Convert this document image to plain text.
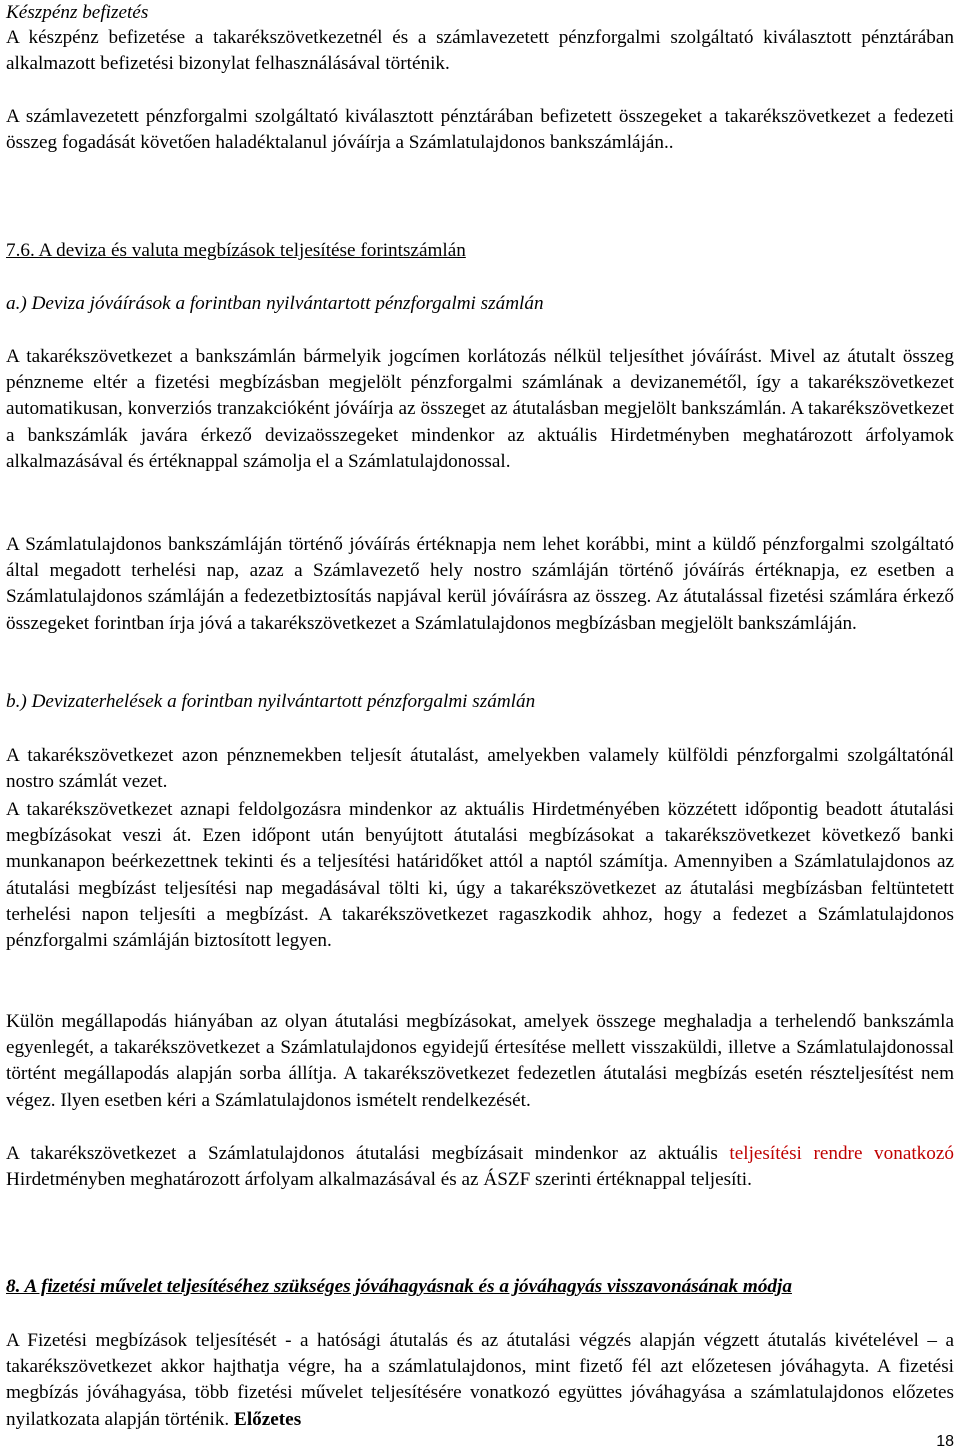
Készpénz befizetés

A készpénz befizetése a takarékszövetkezetnél és a számlavezetett pénzforgalmi szolgáltató kiválasztott pénztárában alkalmazott befizetési bizonylat felhasználásával történik.

A számlavezetett pénzforgalmi szolgáltató kiválasztott pénztárában befizetett összegeket a takarékszövetkezet a fedezeti összeg fogadását követően haladéktalanul jóváírja a Számlatulajdonos bankszámláján..

7.6. A deviza és valuta megbízások teljesítése forintszámlán

a.) Deviza jóváírások a forintban nyilvántartott pénzforgalmi számlán

A takarékszövetkezet a bankszámlán bármelyik jogcímen korlátozás nélkül teljesíthet jóváírást. Mivel az átutalt összeg pénzneme eltér a fizetési megbízásban megjelölt pénzforgalmi számlának a devizanemétől, így a takarékszövetkezet automatikusan, konverziós tranzakcióként jóváírja az összeget az átutalásban megjelölt bankszámlán. A takarékszövetkezet a bankszámlák javára érkező devizaösszegeket mindenkor az aktuális Hirdetményben meghatározott árfolyamok alkalmazásával és értéknappal számolja el a Számlatulajdonossal.

A Számlatulajdonos bankszámláján történő jóváírás értéknapja nem lehet korábbi, mint a küldő pénzforgalmi szolgáltató által megadott terhelési nap, azaz a Számlavezető hely nostro számláján történő jóváírás értéknapja, ez esetben a Számlatulajdonos számláján a fedezetbiztosítás napjával kerül jóváírásra az összeg. Az átutalással fizetési számlára érkező összegeket forintban írja jóvá a takarékszövetkezet a Számlatulajdonos megbízásban megjelölt bankszámláján.

b.) Devizaterhelések a forintban nyilvántartott pénzforgalmi számlán

A takarékszövetkezet azon pénznemekben teljesít átutalást, amelyekben valamely külföldi pénzforgalmi szolgáltatónál nostro számlát vezet.

A takarékszövetkezet aznapi feldolgozásra mindenkor az aktuális Hirdetményében közzétett időpontig beadott átutalási megbízásokat veszi át. Ezen időpont után benyújtott átutalási megbízásokat a takarékszövetkezet következő banki munkanapon beérkezettnek tekinti és a teljesítési határidőket attól a naptól számítja. Amennyiben a Számlatulajdonos az átutalási megbízást teljesítési nap megadásával tölti ki, úgy a takarékszövetkezet az átutalási megbízásban feltüntetett terhelési napon teljesíti a megbízást. A takarékszövetkezet ragaszkodik ahhoz, hogy a fedezet a Számlatulajdonos pénzforgalmi számláján biztosított legyen.

Külön megállapodás hiányában az olyan átutalási megbízásokat, amelyek összege meghaladja a terhelendő bankszámla egyenlegét, a takarékszövetkezet a Számlatulajdonos egyidejű értesítése mellett visszaküldi, illetve a Számlatulajdonossal történt megállapodás alapján sorba állítja. A takarékszövetkezet fedezetlen átutalási megbízás esetén részteljesítést nem végez. Ilyen esetben kéri a Számlatulajdonos ismételt rendelkezését.

A takarékszövetkezet a Számlatulajdonos átutalási megbízásait mindenkor az aktuális teljesítési rendre vonatkozó Hirdetményben meghatározott árfolyam alkalmazásával és az ÁSZF szerinti értéknappal teljesíti.

8. A fizetési művelet teljesítéséhez szükséges jóváhagyásnak és a jóváhagyás visszavonásának módja

A Fizetési megbízások teljesítését - a hatósági átutalás és az átutalási végzés alapján végzett átutalás kivételével – a takarékszövetkezet akkor hajthatja végre, ha a számlatulajdonos, mint fizető fél azt előzetesen jóváhagyta. A fizetési megbízás jóváhagyása, több fizetési művelet teljesítésére vonatkozó együttes jóváhagyása a számlatulajdonos előzetes nyilatkozata alapján történik. Előzetes

18
